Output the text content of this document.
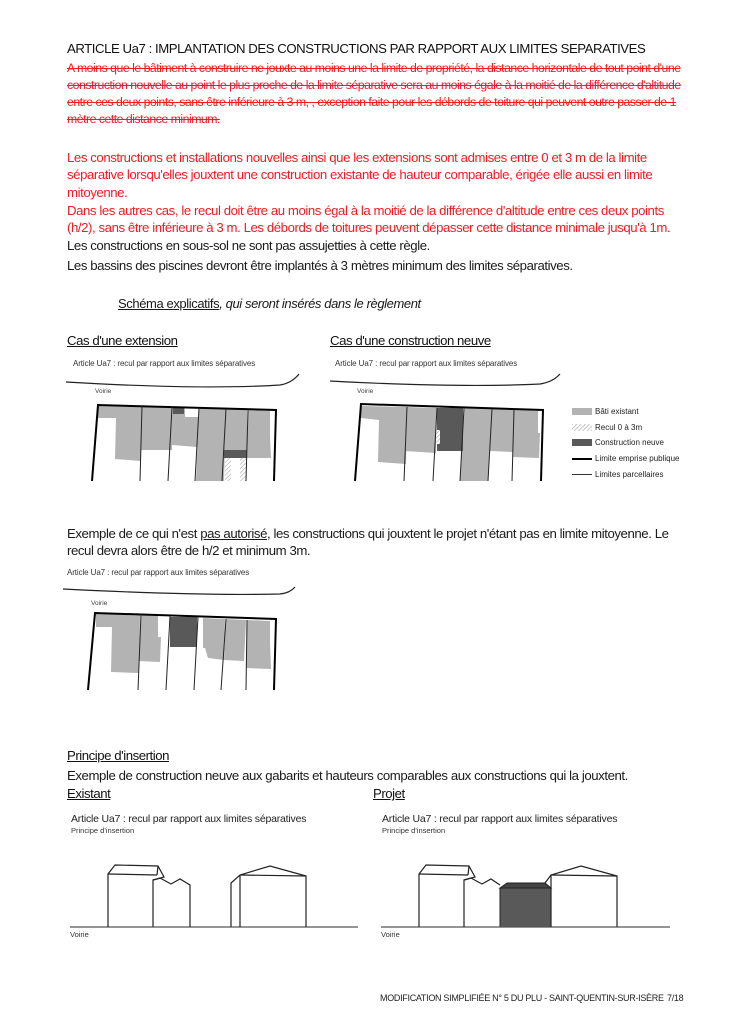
ARTICLE Ua7 : IMPLANTATION DES CONSTRUCTIONS PAR RAPPORT AUX LIMITES SEPARATIVES
A moins que le bâtiment à construire ne jouxte au moins une la limite de propriété, la distance horizontale de tout point d'une construction nouvelle au point le plus proche de la limite séparative sera au moins égale à la moitié de la différence d'altitude entre ces deux points, sans être inférieure à 3 m, , exception faite pour les débords de toiture qui peuvent outre passer de 1 mètre cette distance minimum.
Les constructions et installations nouvelles ainsi que les extensions sont admises entre 0 et 3 m de la limite séparative lorsqu'elles jouxtent une construction existante de hauteur comparable, érigée elle aussi en limite mitoyenne.
Dans les autres cas, le recul doit être au moins égal à la moitié de la différence d'altitude entre ces deux points (h/2), sans être inférieure à 3 m. Les débords de toitures peuvent dépasser cette distance minimale jusqu'à 1m.
Les constructions en sous-sol ne sont pas assujetties à cette règle.
Les bassins des piscines devront être implantés à 3 mètres minimum des limites séparatives.
Schéma explicatifs, qui seront insérés dans le règlement
Cas d'une extension
Article Ua7 : recul par rapport aux limites séparatives
Voirie
Cas d'une construction neuve
Article Ua7 : recul par rapport aux limites séparatives
Voirie
Bâti existant
Recul 0 à 3m
Construction neuve
Limite emprise publique
Limites parcellaires
Exemple de ce qui n'est pas autorisé, les constructions qui jouxtent le projet n'étant pas en limite mitoyenne. Le recul devra alors être de h/2 et minimum 3m.
Article Ua7 : recul par rapport aux limites séparatives
Voirie
Principe d'insertion
Exemple de construction neuve aux gabarits et hauteurs comparables aux constructions qui la jouxtent.
Existant	Projet
Article Ua7 : recul par rapport aux limites séparatives
Principe d'insertion
Article Ua7 : recul par rapport aux limites séparatives
Principe d'insertion
Voirie	Voirie
MODIFICATION SIMPLIFIÉE N° 5 DU PLU - SAINT-QUENTIN-SUR-ISÈRE 7/18
